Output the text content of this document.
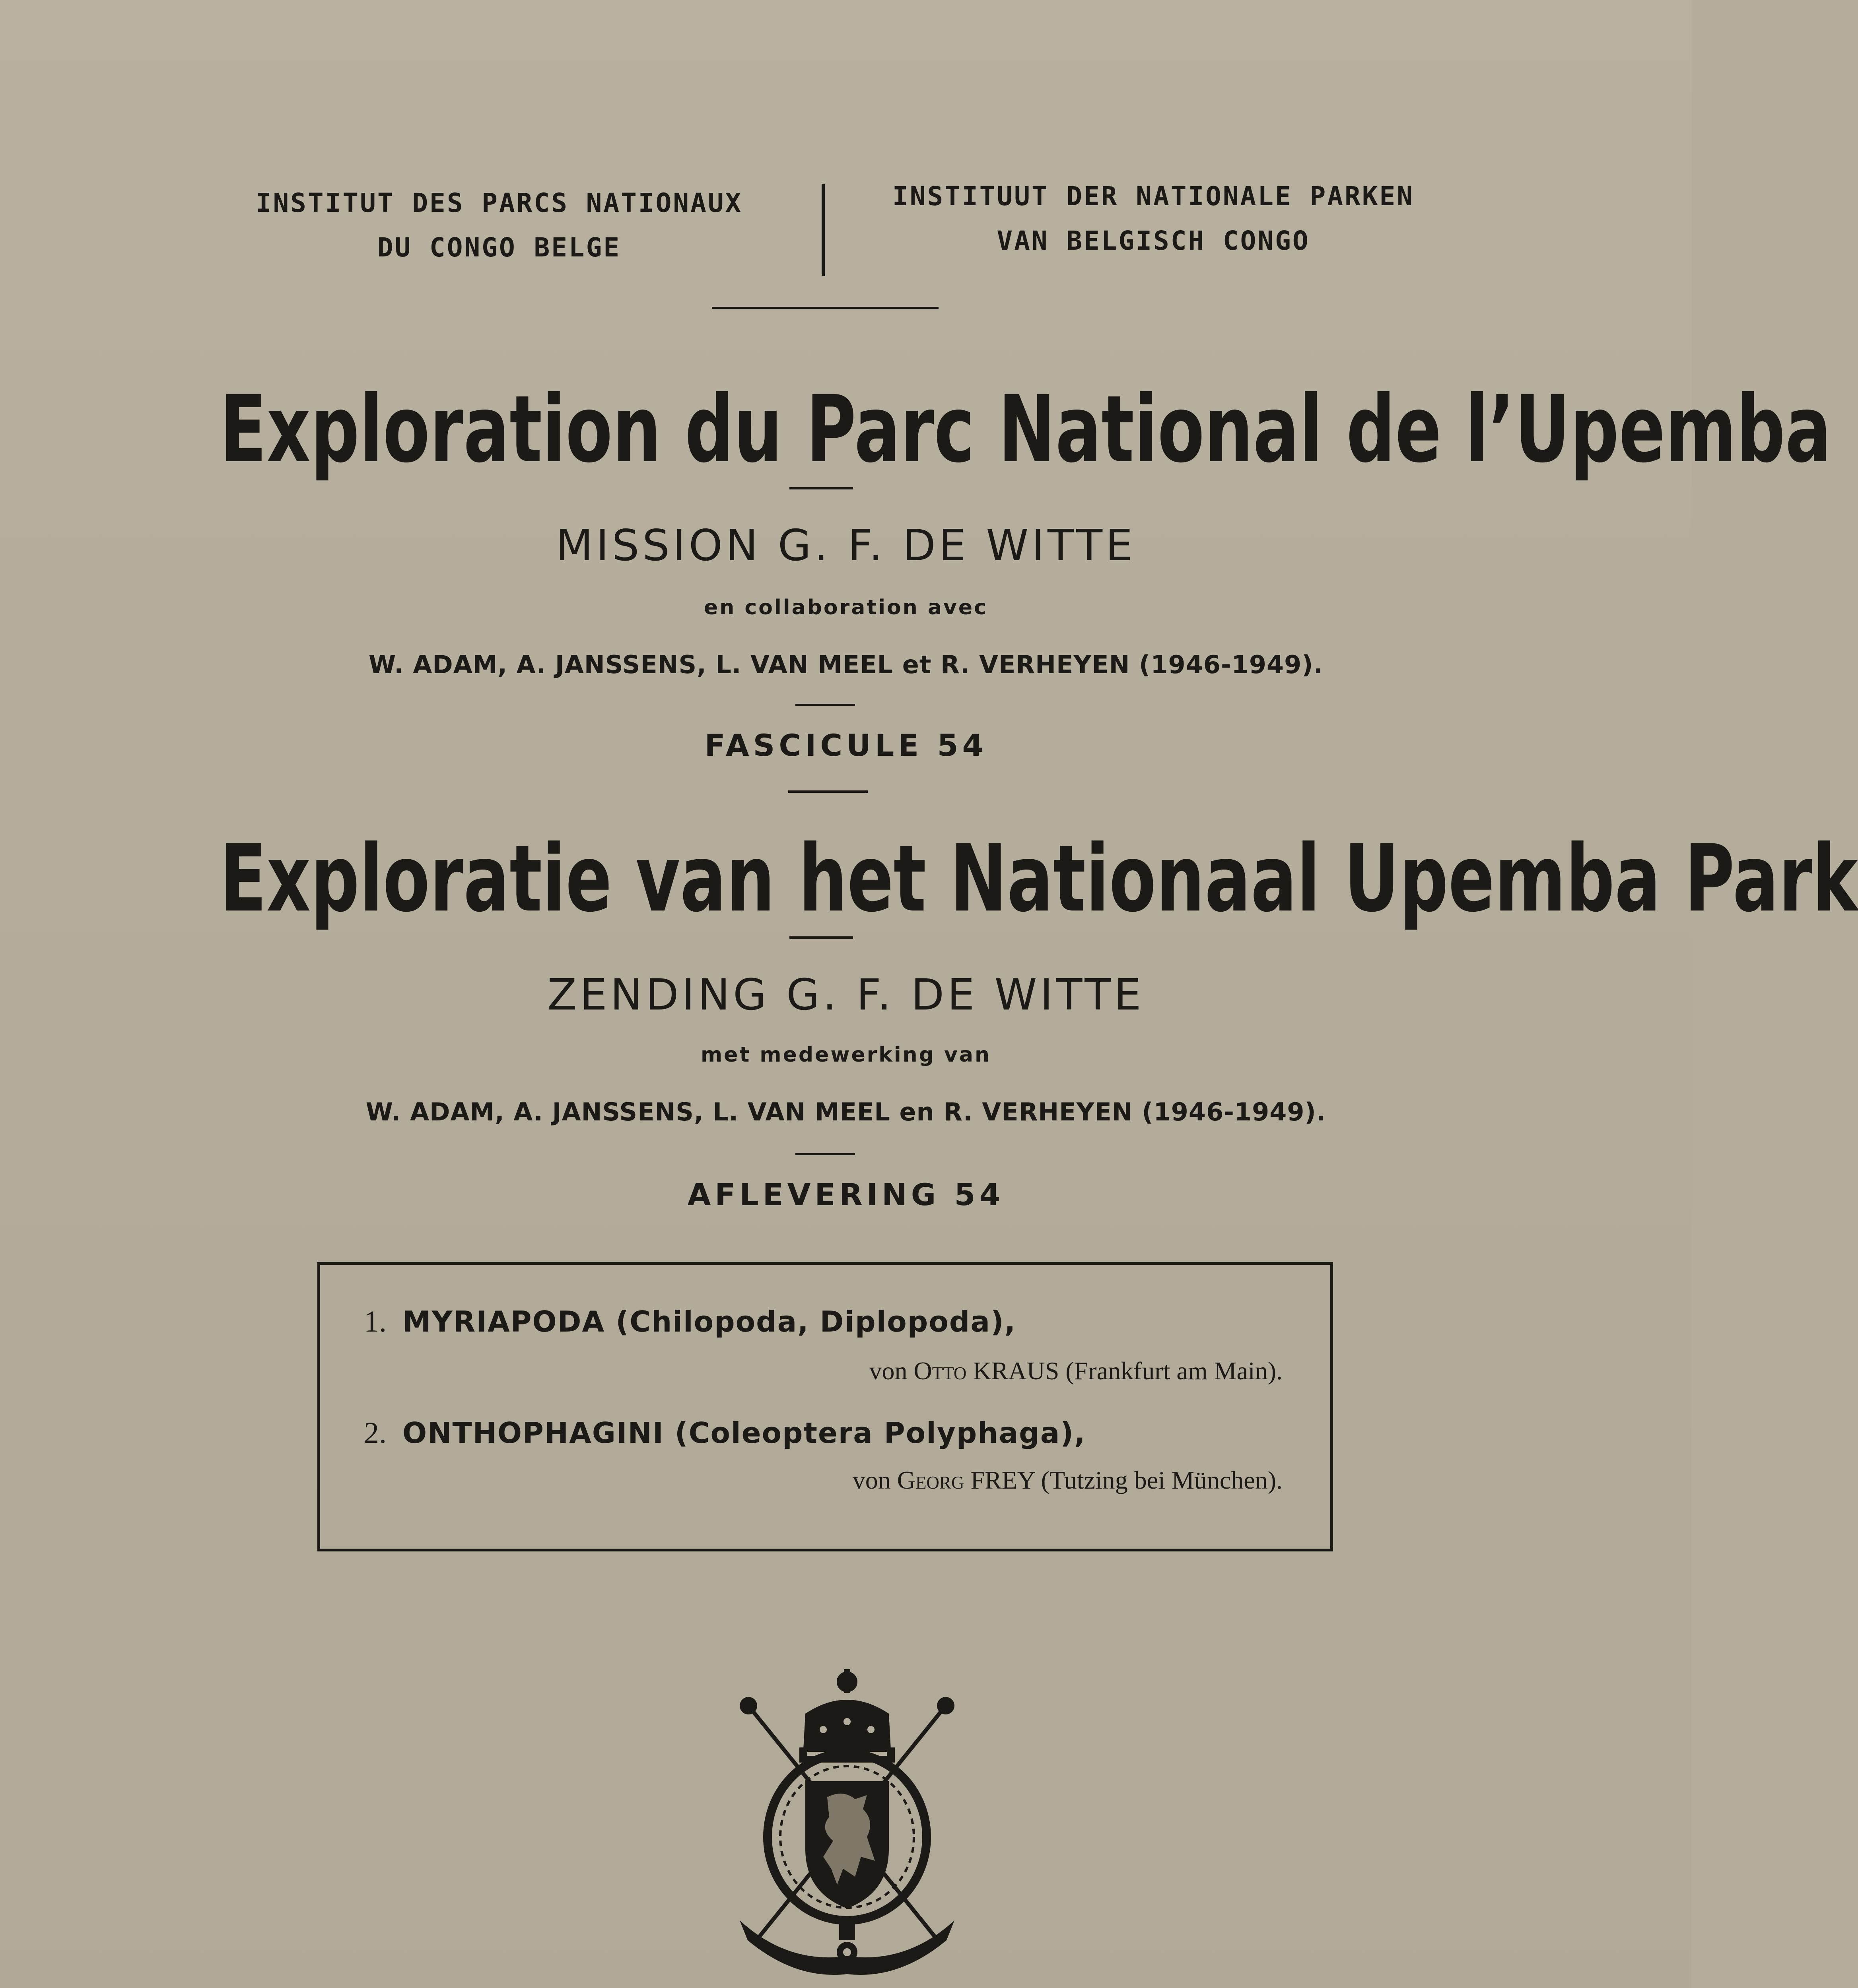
INSTITUT DES PARCS NATIONAUX
DU CONGO BELGE
INSTITUUT DER NATIONALE PARKEN
VAN BELGISCH CONGO
Exploration du Parc National de l’Upemba
MISSION G. F. DE WITTE
en collaboration avec
W. ADAM, A. JANSSENS, L. VAN MEEL et R. VERHEYEN (1946-1949).
FASCICULE 54
Exploratie van het Nationaal Upemba Park
ZENDING G. F. DE WITTE
met medewerking van
W. ADAM, A. JANSSENS, L. VAN MEEL en R. VERHEYEN (1946-1949).
AFLEVERING 54
1. MYRIAPODA (Chilopoda, Diplopoda),
von Otto KRAUS (Frankfurt am Main).
2. ONTHOPHAGINI (Coleoptera Polyphaga),
von Georg FREY (Tutzing bei München).
